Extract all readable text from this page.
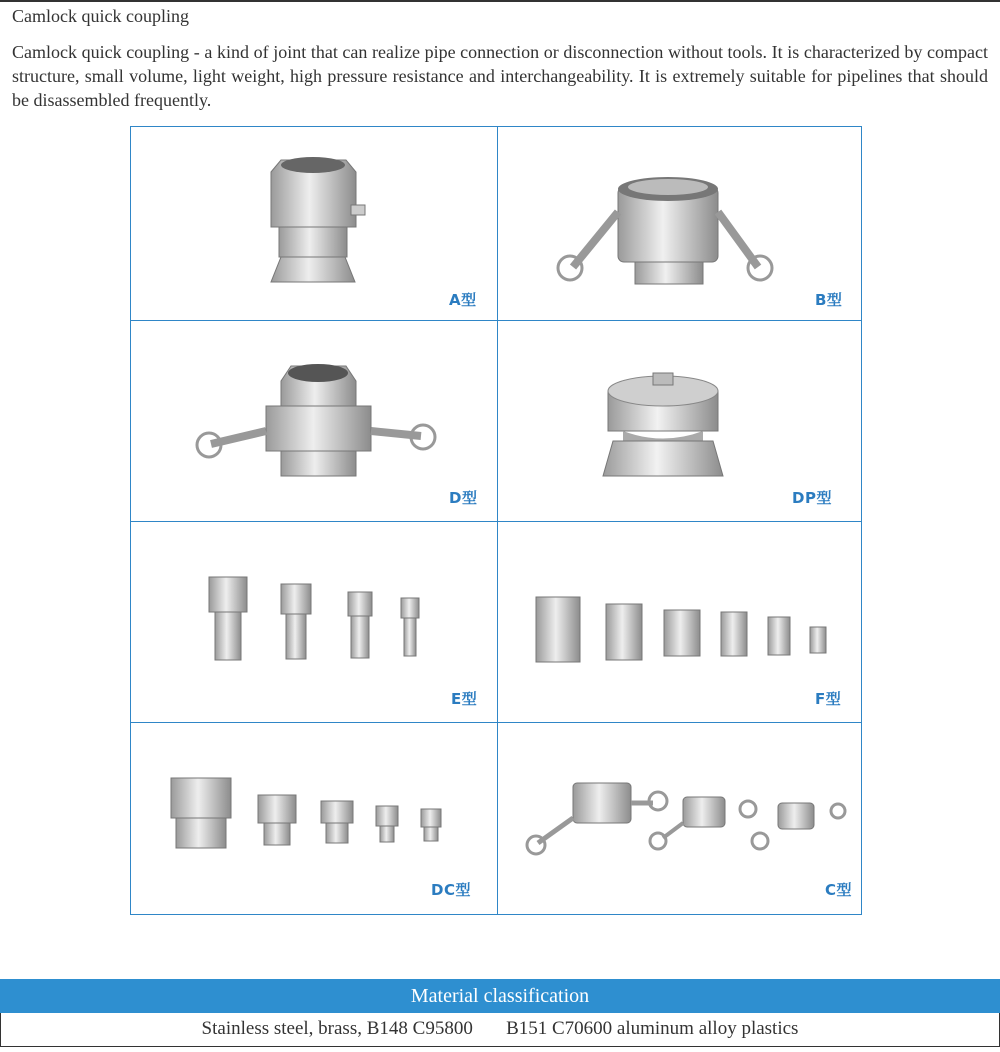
Camlock quick coupling
Camlock quick coupling - a kind of joint that can realize pipe connection or disconnection without tools. It is characterized by compact structure, small volume, light weight, high pressure resistance and interchangeability. It is extremely suitable for pipelines that should be disassembled frequently.
A型	B型
D型	DP型
E型	F型
DC型	C型
Material classification
Stainless steel, brass, B148 C95800       B151 C70600 aluminum alloy plastics
